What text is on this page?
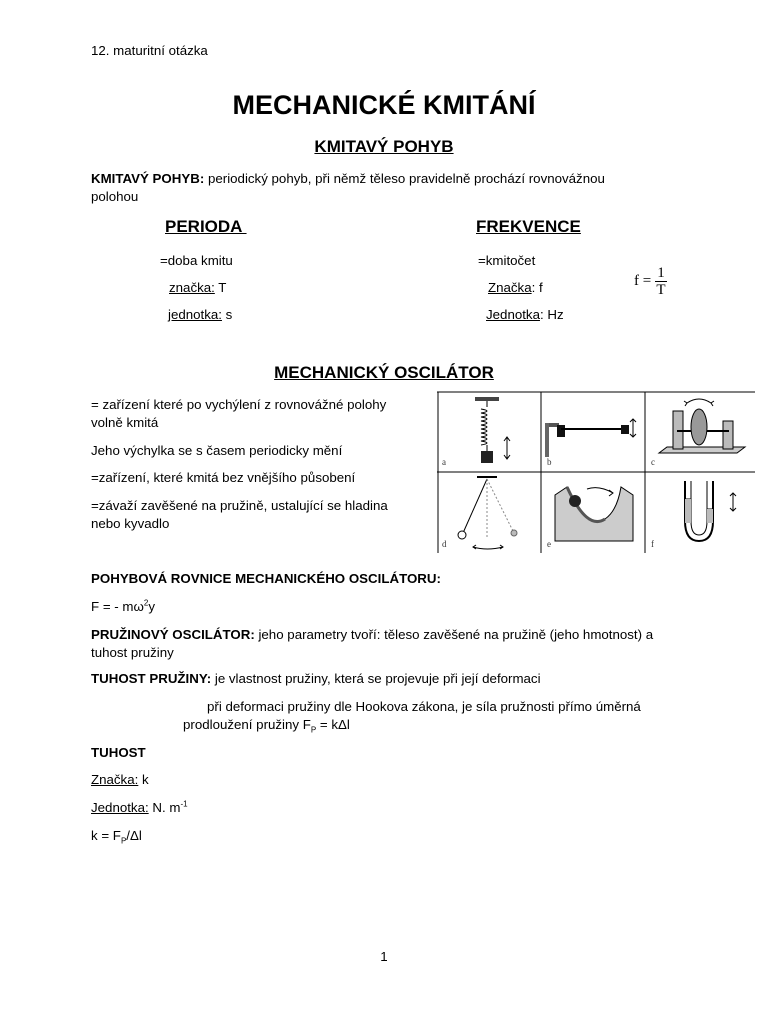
12. maturitní otázka
MECHANICKÉ KMITÁNÍ
KMITAVÝ POHYB
KMITAVÝ POHYB: periodický pohyb, při němž těleso pravidelně prochází rovnovážnou
polohou
PERIODA
=doba kmitu
značka: T
jednotka: s
FREKVENCE
=kmitočet
Značka: f
Jednotka: Hz
$f = \frac{1}{T}$
MECHANICKÝ OSCILÁTOR
= zařízení které po vychýlení z rovnovážné polohy
volně kmitá
Jeho výchylka se s časem periodicky mění
=zařízení, které kmitá bez vnějšího působení
=závaží zavěšené na pružině, ustalující se hladina
nebo kyvadlo
a	b	c
d	e	f
POHYBOVÁ ROVNICE MECHANICKÉHO OSCILÁTORU:
F = - $m\omega^2y$
PRUŽINOVÝ OSCILÁTOR: jeho parametry tvoří: těleso zavěšené na pružině (jeho hmotnost) a
tuhost pružiny
TUHOST PRUŽINY: je vlastnost pružiny, která se projevuje při její deformaci
při deformaci pružiny dle Hookova zákona, je síla pružnosti přímo úměrná
prodloužení pružiny $F_P = k\Delta l$
TUHOST
Značka: k
Jednotka: N. $m^{-1}$
$k = F_P/\Delta l$
1
